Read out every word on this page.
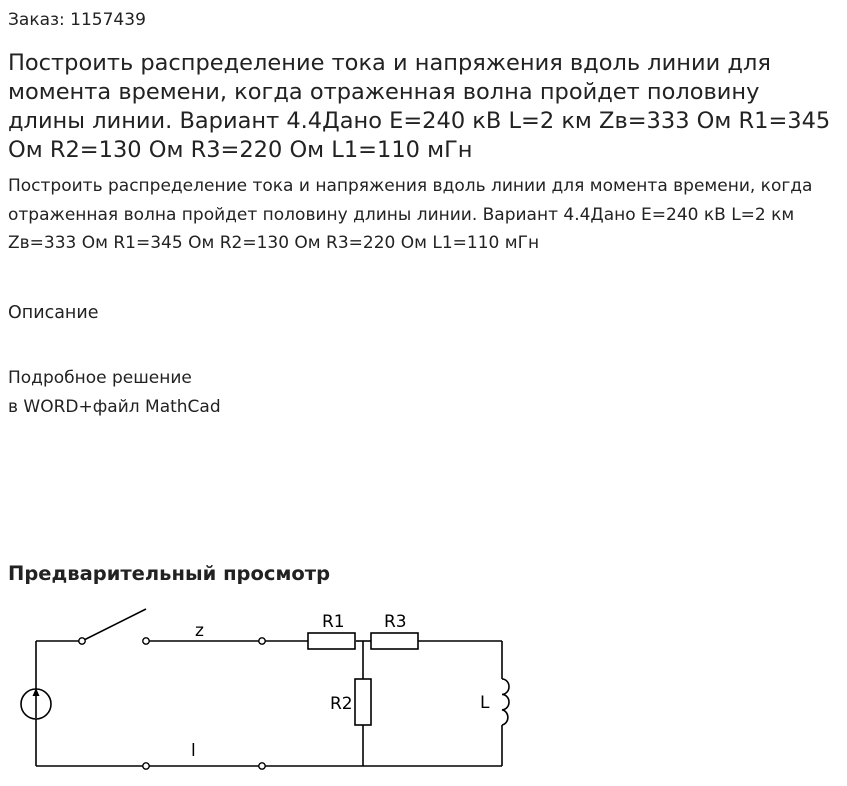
Заказ: 1157439
Построить распределение тока и напряжения вдоль линии для момента времени, когда отраженная волна пройдет половину длины линии. Вариант 4.4Дано E=240 кВ L=2 км Zв=333 Ом R1=345 Ом R2=130 Ом R3=220 Ом L1=110 мГн

Построить распределение тока и напряжения вдоль линии для момента времени, когда отраженная волна пройдет половину длины линии. Вариант 4.4Дано E=240 кВ L=2 км Zв=333 Ом R1=345 Ом R2=130 Ом R3=220 Ом L1=110 мГн

Описание
Подробное решение
в WORD+файл MathCad
Предварительный просмотр
z	R1 R3
R2	L
l
